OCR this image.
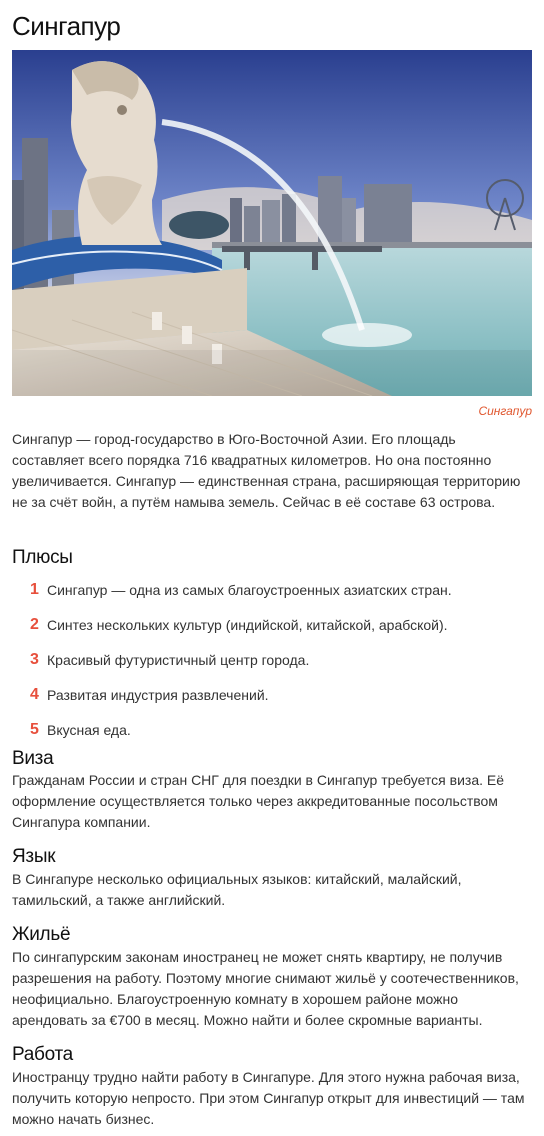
Сингапур
Сингапур

Сингапур — город-государство в Юго-Восточной Азии. Его площадь составляет всего порядка 716 квадратных километров. Но она постоянно увеличивается. Сингапур — единственная страна, расширяющая территорию не за счёт войн, а путём намыва земель. Сейчас в её составе 63 острова.

Плюсы
1 Сингапур — одна из самых благоустроенных азиатских стран.
2 Синтез нескольких культур (индийской, китайской, арабской).
3 Красивый футуристичный центр города.
4 Развитая индустрия развлечений.
5 Вкусная еда.
Виза

Гражданам России и стран СНГ для поездки в Сингапур требуется виза. Её оформление осуществляется только через аккредитованные посольством Сингапура компании.

Язык

В Сингапуре несколько официальных языков: китайский, малайский, тамильский, а также английский.

Жильё

По сингапурским законам иностранец не может снять квартиру, не получив разрешения на работу. Поэтому многие снимают жильё у соотечественников, неофициально. Благоустроенную комнату в хорошем районе можно арендовать за €700 в месяц. Можно найти и более скромные варианты.

Работа

Иностранцу трудно найти работу в Сингапуре. Для этого нужна рабочая виза, получить которую непросто. При этом Сингапур открыт для инвестиций — там можно начать бизнес.
